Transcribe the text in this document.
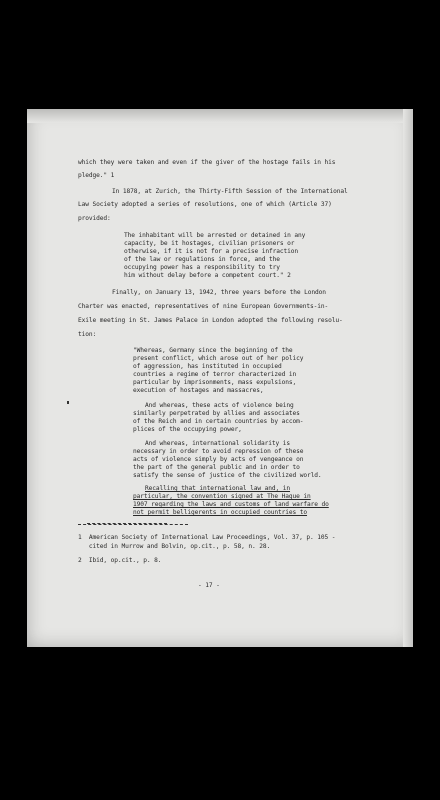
which they were taken and even if the giver of the hostage fails in his

pledge." 1

In 1878, at Zurich, the Thirty-Fifth Session of the International

Law Society adopted a series of resolutions, one of which (Article 37)

provided:

The inhabitant will be arrested or detained in any

capacity, be it hostages, civilian prisoners or

otherwise, if it is not for a precise infraction

of the law or regulations in force, and the

occupying power has a responsibility to try

him without delay before a competent court." 2

Finally, on January 13, 1942, three years before the London

Charter was enacted, representatives of nine European Governments-in-

Exile meeting in St. James Palace in London adopted the following resolu-

tion:

"Whereas, Germany since the beginning of the

present conflict, which arose out of her policy

of aggression, has instituted in occupied

countries a regime of terror characterized in

particular by imprisonments, mass expulsions,

execution of hostages and massacres,

And whereas, these acts of violence being

similarly perpetrated by allies and associates

of the Reich and in certain countries by accom-

plices of the occupying power,

And whereas, international solidarity is

necessary in order to avoid repression of these

acts of violence simply by acts of vengeance on

the part of the general public and in order to

satisfy the sense of justice of the civilized world.

Recalling that international law and, in

particular, the convention signed at The Hague in

1907 regarding the laws and customs of land warfare do

not permit belligerents in occupied countries to

1  American Society of International Law Proceedings, Vol. 37, p. 105 -

cited in Murrow and Bolvin, op.cit., p. 58, n. 28.

2  Ibid, op.cit., p. 8.

- 17 -
